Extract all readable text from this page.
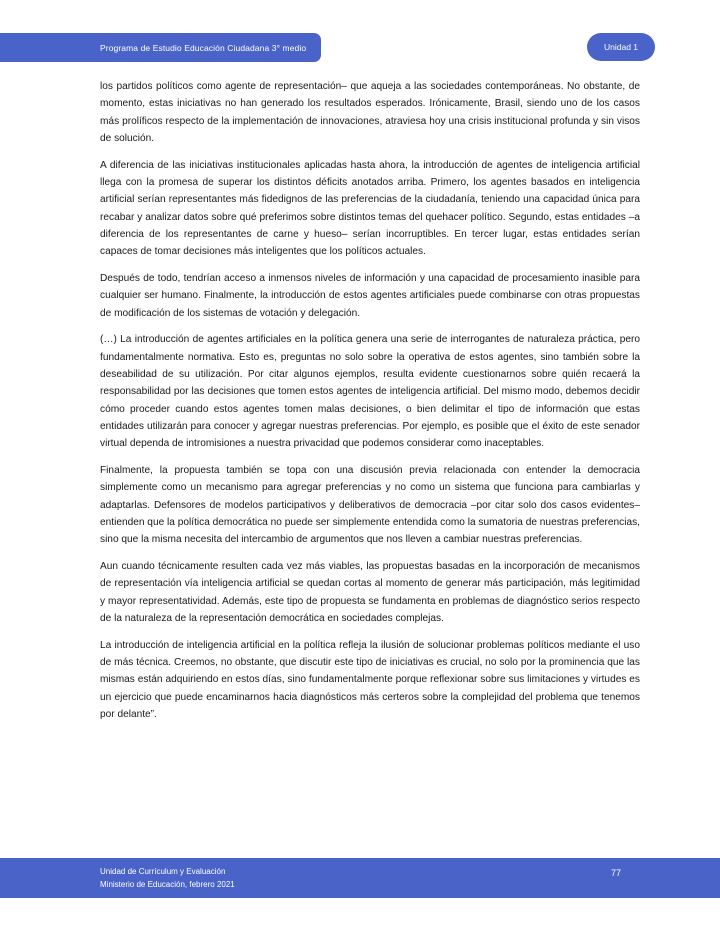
Programa de Estudio Educación Ciudadana 3° medio	Unidad 1

los partidos políticos como agente de representación– que aqueja a las sociedades contemporáneas. No obstante, de momento, estas iniciativas no han generado los resultados esperados. Irónicamente, Brasil, siendo uno de los casos más prolíficos respecto de la implementación de innovaciones, atraviesa hoy una crisis institucional profunda y sin visos de solución.

A diferencia de las iniciativas institucionales aplicadas hasta ahora, la introducción de agentes de inteligencia artificial llega con la promesa de superar los distintos déficits anotados arriba. Primero, los agentes basados en inteligencia artificial serían representantes más fidedignos de las preferencias de la ciudadanía, teniendo una capacidad única para recabar y analizar datos sobre qué preferimos sobre distintos temas del quehacer político. Segundo, estas entidades –a diferencia de los representantes de carne y hueso– serían incorruptibles. En tercer lugar, estas entidades serían capaces de tomar decisiones más inteligentes que los políticos actuales.

Después de todo, tendrían acceso a inmensos niveles de información y una capacidad de procesamiento inasible para cualquier ser humano. Finalmente, la introducción de estos agentes artificiales puede combinarse con otras propuestas de modificación de los sistemas de votación y delegación.

(…) La introducción de agentes artificiales en la política genera una serie de interrogantes de naturaleza práctica, pero fundamentalmente normativa. Esto es, preguntas no solo sobre la operativa de estos agentes, sino también sobre la deseabilidad de su utilización. Por citar algunos ejemplos, resulta evidente cuestionarnos sobre quién recaerá la responsabilidad por las decisiones que tomen estos agentes de inteligencia artificial. Del mismo modo, debemos decidir cómo proceder cuando estos agentes tomen malas decisiones, o bien delimitar el tipo de información que estas entidades utilizarán para conocer y agregar nuestras preferencias. Por ejemplo, es posible que el éxito de este senador virtual dependa de intromisiones a nuestra privacidad que podemos considerar como inaceptables.

Finalmente, la propuesta también se topa con una discusión previa relacionada con entender la democracia simplemente como un mecanismo para agregar preferencias y no como un sistema que funciona para cambiarlas y adaptarlas. Defensores de modelos participativos y deliberativos de democracia –por citar solo dos casos evidentes– entienden que la política democrática no puede ser simplemente entendida como la sumatoria de nuestras preferencias, sino que la misma necesita del intercambio de argumentos que nos lleven a cambiar nuestras preferencias.

Aun cuando técnicamente resulten cada vez más viables, las propuestas basadas en la incorporación de mecanismos de representación vía inteligencia artificial se quedan cortas al momento de generar más participación, más legitimidad y mayor representatividad. Además, este tipo de propuesta se fundamenta en problemas de diagnóstico serios respecto de la naturaleza de la representación democrática en sociedades complejas.

La introducción de inteligencia artificial en la política refleja la ilusión de solucionar problemas políticos mediante el uso de más técnica. Creemos, no obstante, que discutir este tipo de iniciativas es crucial, no solo por la prominencia que las mismas están adquiriendo en estos días, sino fundamentalmente porque reflexionar sobre sus limitaciones y virtudes es un ejercicio que puede encaminarnos hacia diagnósticos más certeros sobre la complejidad del problema que tenemos por delante”.

Unidad de Currículum y Evaluación
Ministerio de Educación, febrero 2021
77
